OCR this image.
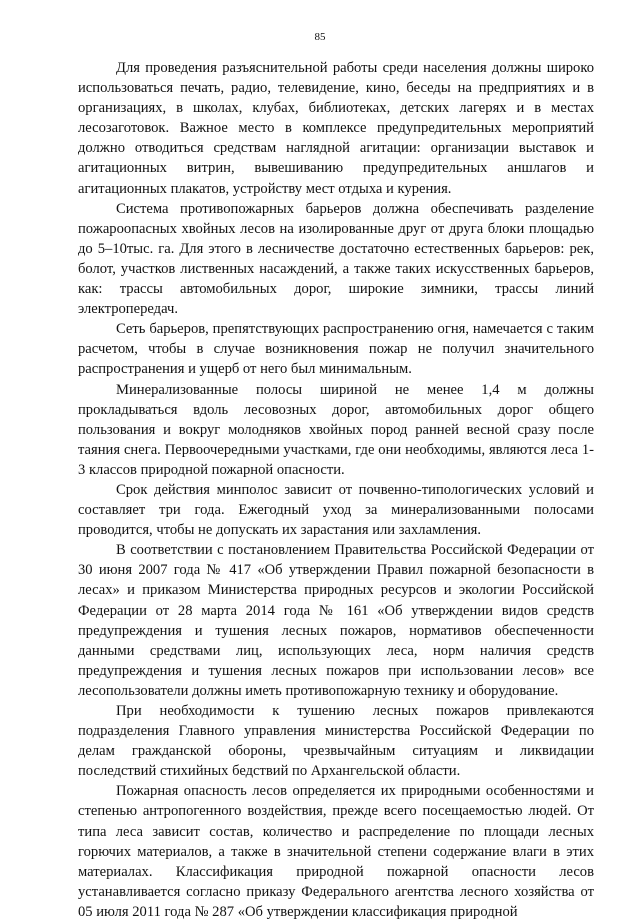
85

Для проведения разъяснительной работы среди населения должны широко использоваться печать, радио, телевидение, кино, беседы на предприятиях и в организациях, в школах, клубах, библиотеках, детских лагерях и в местах лесозаготовок. Важное место в комплексе предупредительных мероприятий должно отводиться средствам наглядной агитации: организации выставок и агитационных витрин, вывешиванию предупредительных аншлагов и агитационных плакатов, устройству мест отдыха и курения.

Система противопожарных барьеров должна обеспечивать разделение пожароопасных хвойных лесов на изолированные друг от друга блоки площадью до 5–10тыс. га. Для этого в лесничестве достаточно естественных барьеров: рек, болот, участков лиственных насаждений, а также таких искусственных барьеров, как: трассы автомобильных дорог, широкие зимники, трассы линий электропередач.

Сеть барьеров, препятствующих распространению огня, намечается с таким расчетом, чтобы в случае возникновения пожар не получил значительного распространения и ущерб от него был минимальным.

Минерализованные полосы шириной не менее 1,4 м должны прокладываться вдоль лесовозных дорог, автомобильных дорог общего пользования и вокруг молодняков хвойных пород ранней весной сразу после таяния снега. Первоочередными участками, где они необходимы, являются леса 1-3 классов природной пожарной опасности.

Срок действия минполос зависит от почвенно-типологических условий и составляет три года. Ежегодный уход за минерализованными полосами проводится, чтобы не допускать их зарастания или захламления.

В соответствии с постановлением Правительства Российской Федерации от 30 июня 2007 года № 417 «Об утверждении Правил пожарной безопасности в лесах» и приказом Министерства природных ресурсов и экологии Российской Федерации от 28 марта 2014 года № 161 «Об утверждении видов средств предупреждения и тушения лесных пожаров, нормативов обеспеченности данными средствами лиц, использующих леса, норм наличия средств предупреждения и тушения лесных пожаров при использовании лесов» все лесопользователи должны иметь противопожарную технику и оборудование.

При необходимости к тушению лесных пожаров привлекаются подразделения Главного управления министерства Российской Федерации по делам гражданской обороны, чрезвычайным ситуациям и ликвидации последствий стихийных бедствий по Архангельской области.

Пожарная опасность лесов определяется их природными особенностями и степенью антропогенного воздействия, прежде всего посещаемостью людей. От типа леса зависит состав, количество и распределение по площади лесных горючих материалов, а также в значительной степени содержание влаги в этих материалах. Классификация природной пожарной опасности лесов устанавливается согласно приказу Федерального агентства лесного хозяйства от 05 июля 2011 года № 287 «Об утверждении классификация природной
